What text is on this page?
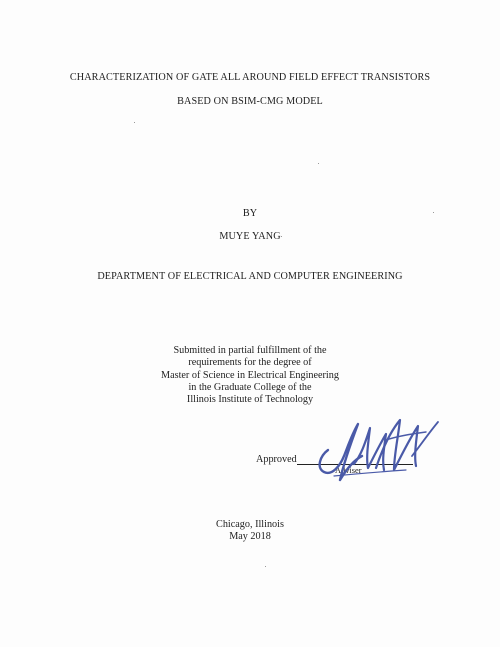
CHARACTERIZATION OF GATE ALL AROUND FIELD EFFECT TRANSISTORS
BASED ON BSIM-CMG MODEL
BY
MUYE YANG
DEPARTMENT OF ELECTRICAL AND COMPUTER ENGINEERING
Submitted in partial fulfillment of the
requirements for the degree of
Master of Science in Electrical Engineering
in the Graduate College of the
Illinois Institute of Technology
Approved
Adviser
Chicago, Illinois
May 2018
